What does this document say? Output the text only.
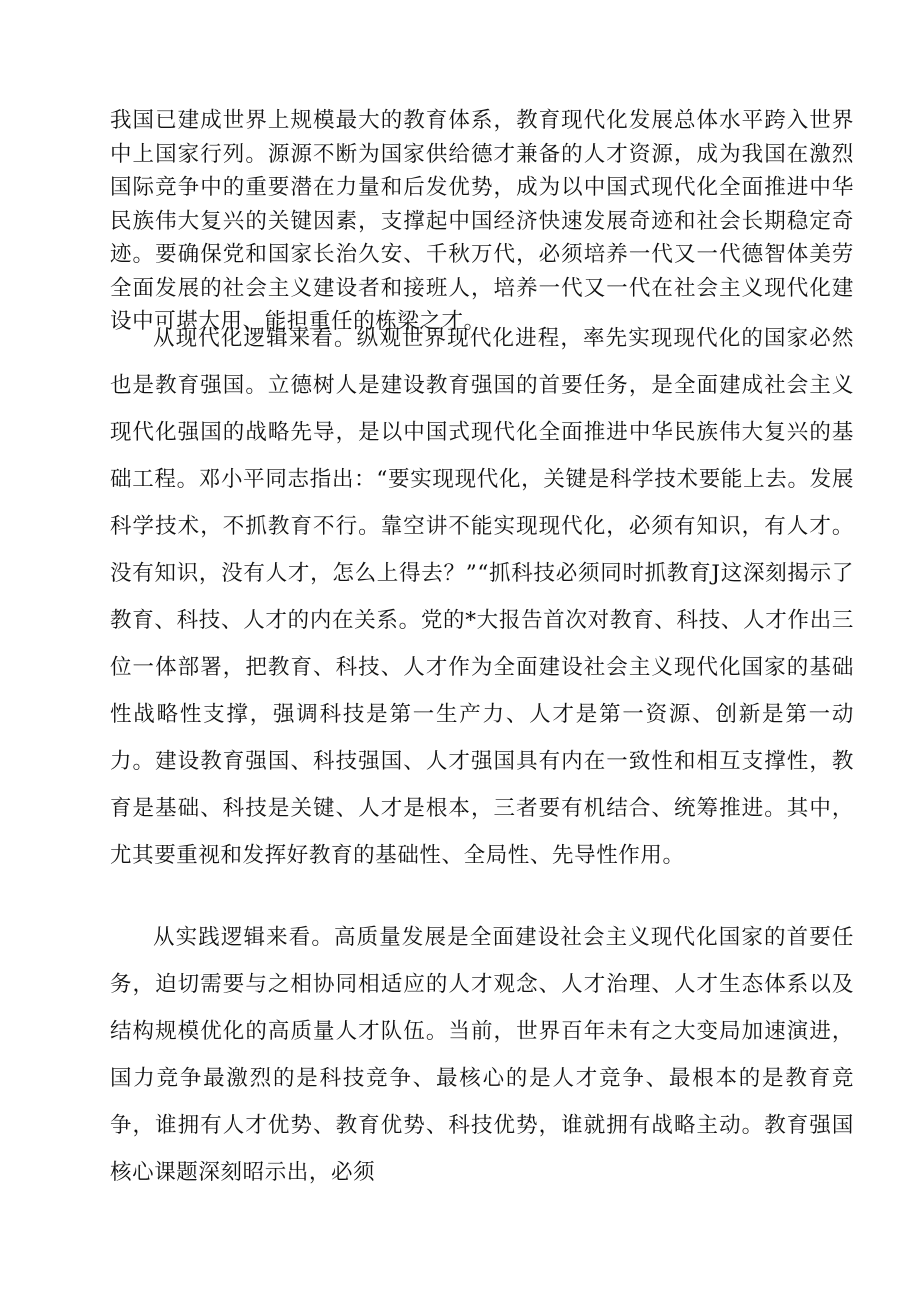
我国已建成世界上规模最大的教育体系，教育现代化发展总体水平跨入世界中上国家行列。源源不断为国家供给德才兼备的人才资源，成为我国在激烈国际竞争中的重要潜在力量和后发优势，成为以中国式现代化全面推进中华民族伟大复兴的关键因素，支撑起中国经济快速发展奇迹和社会长期稳定奇迹。要确保党和国家长治久安、千秋万代，必须培养一代又一代德智体美劳全面发展的社会主义建设者和接班人，培养一代又一代在社会主义现代化建设中可堪大用、能担重任的栋梁之才。

从现代化逻辑来看。纵观世界现代化进程，率先实现现代化的国家必然也是教育强国。立德树人是建设教育强国的首要任务，是全面建成社会主义现代化强国的战略先导，是以中国式现代化全面推进中华民族伟大复兴的基础工程。邓小平同志指出：“要实现现代化，关键是科学技术要能上去。发展科学技术，不抓教育不行。靠空讲不能实现现代化，必须有知识，有人才。没有知识，没有人才，怎么上得去？”“抓科技必须同时抓教育J这深刻揭示了教育、科技、人才的内在关系。党的*大报告首次对教育、科技、人才作出三位一体部署，把教育、科技、人才作为全面建设社会主义现代化国家的基础性战略性支撑，强调科技是第一生产力、人才是第一资源、创新是第一动力。建设教育强国、科技强国、人才强国具有内在一致性和相互支撑性，教育是基础、科技是关键、人才是根本，三者要有机结合、统筹推进。其中，尤其要重视和发挥好教育的基础性、全局性、先导性作用。

从实践逻辑来看。高质量发展是全面建设社会主义现代化国家的首要任务，迫切需要与之相协同相适应的人才观念、人才治理、人才生态体系以及结构规模优化的高质量人才队伍。当前，世界百年未有之大变局加速演进，国力竞争最激烈的是科技竞争、最核心的是人才竞争、最根本的是教育竞争，谁拥有人才优势、教育优势、科技优势，谁就拥有战略主动。教育强国核心课题深刻昭示出，必须
